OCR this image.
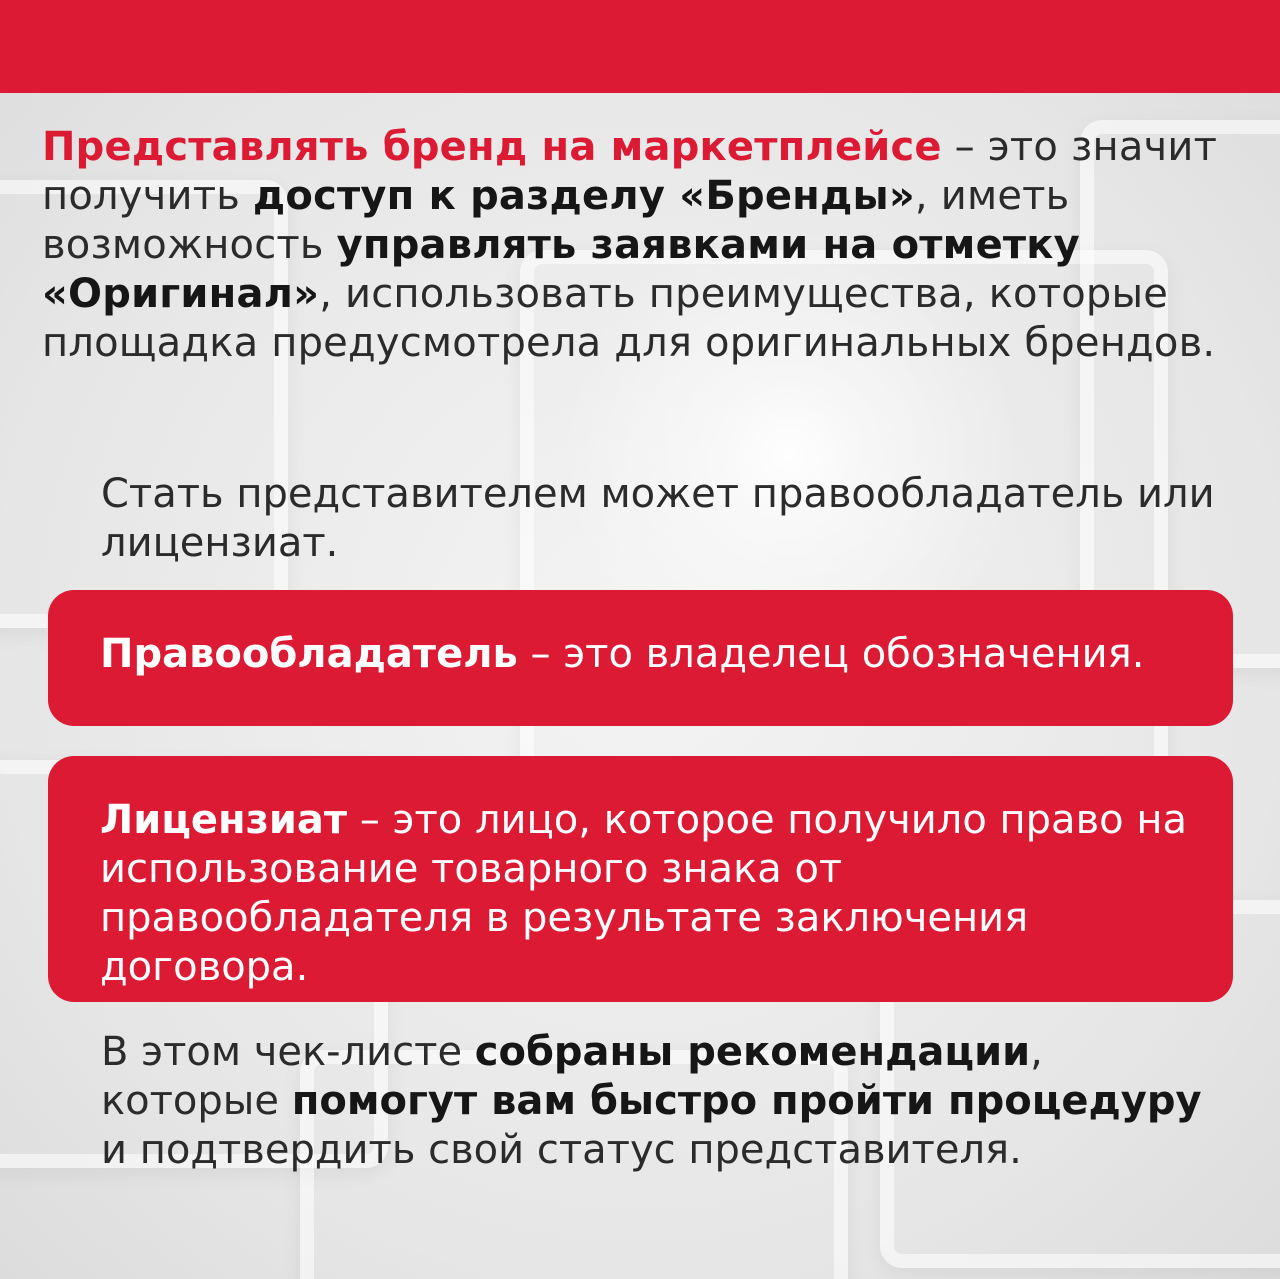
Представлять бренд на маркетплейсе – это значит получить доступ к разделу «Бренды», иметь возможность управлять заявками на отметку «Оригинал», использовать преимущества, которые площадка предусмотрела для оригинальных брендов.

Стать представителем может правообладатель или лицензиат.

Правообладатель – это владелец обозначения.
Лицензиат – это лицо, которое получило право на использование товарного знака от правообладателя в результате заключения договора.

В этом чек-листе собраны рекомендации, которые помогут вам быстро пройти процедуру и подтвердить свой статус представителя.
